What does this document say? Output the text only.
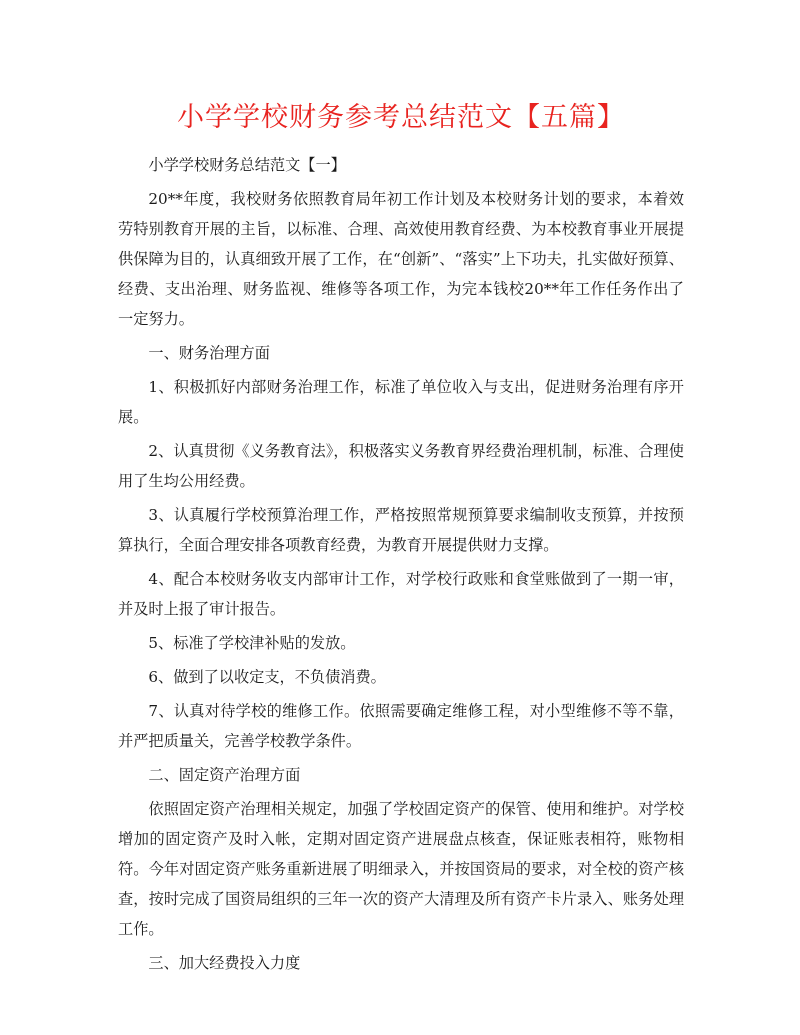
小学学校财务参考总结范文【五篇】

小学学校财务总结范文【一】

20**年度，我校财务依照教育局年初工作计划及本校财务计划的要求，本着效劳特别教育开展的主旨，以标准、合理、高效使用教育经费、为本校教育事业开展提供保障为目的，认真细致开展了工作，在“创新”、“落实”上下功夫，扎实做好预算、经费、支出治理、财务监视、维修等各项工作，为完本钱校20**年工作任务作出了一定努力。

一、财务治理方面

1、积极抓好内部财务治理工作，标准了单位收入与支出，促进财务治理有序开展。

2、认真贯彻《义务教育法》，积极落实义务教育界经费治理机制，标准、合理使用了生均公用经费。

3、认真履行学校预算治理工作，严格按照常规预算要求编制收支预算，并按预算执行，全面合理安排各项教育经费，为教育开展提供财力支撑。

4、配合本校财务收支内部审计工作，对学校行政账和食堂账做到了一期一审，并及时上报了审计报告。

5、标准了学校津补贴的发放。

6、做到了以收定支，不负债消费。

7、认真对待学校的维修工作。依照需要确定维修工程，对小型维修不等不靠，并严把质量关，完善学校教学条件。

二、固定资产治理方面

依照固定资产治理相关规定，加强了学校固定资产的保管、使用和维护。对学校增加的固定资产及时入帐，定期对固定资产进展盘点核查，保证账表相符，账物相符。今年对固定资产账务重新进展了明细录入，并按国资局的要求，对全校的资产核查，按时完成了国资局组织的三年一次的资产大清理及所有资产卡片录入、账务处理工作。

三、加大经费投入力度
